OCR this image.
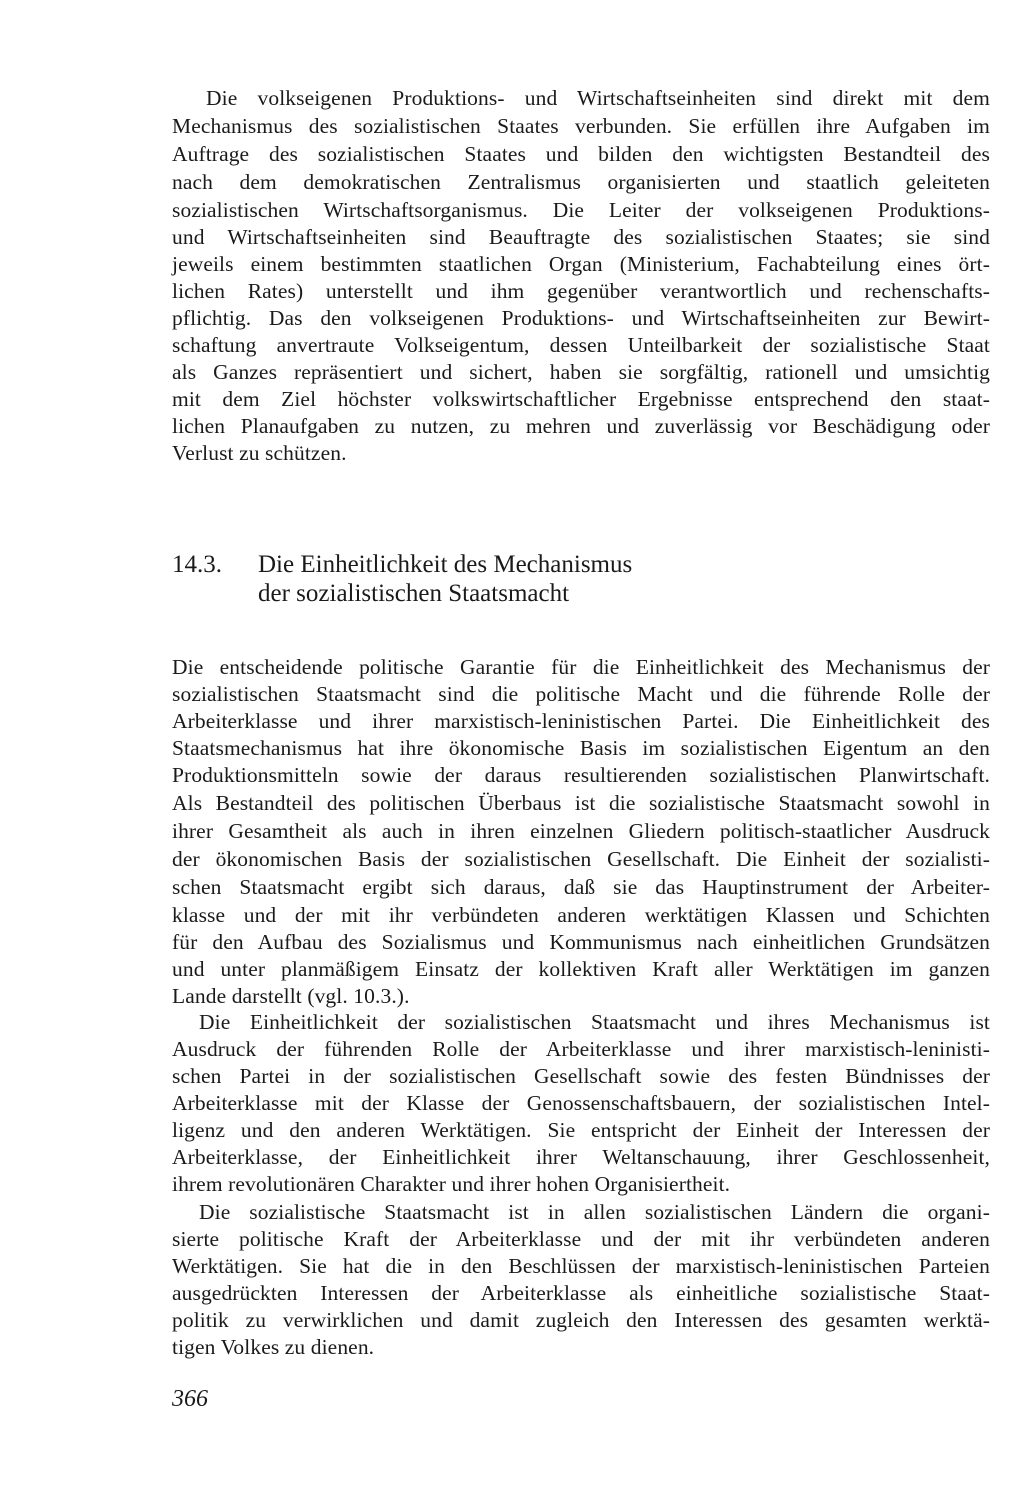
Die volkseigenen Produktions- und Wirtschaftseinheiten sind direkt mit dem
Mechanismus des sozialistischen Staates verbunden. Sie erfüllen ihre Aufgaben im
Auftrage des sozialistischen Staates und bilden den wichtigsten Bestandteil des
nach dem demokratischen Zentralismus organisierten und staatlich geleiteten
sozialistischen Wirtschaftsorganismus. Die Leiter der volkseigenen Produktions-
und Wirtschaftseinheiten sind Beauftragte des sozialistischen Staates; sie sind
jeweils einem bestimmten staatlichen Organ (Ministerium, Fachabteilung eines ört-
lichen Rates) unterstellt und ihm gegenüber verantwortlich und rechenschafts-
pflichtig. Das den volkseigenen Produktions- und Wirtschaftseinheiten zur Bewirt-
schaftung anvertraute Volkseigentum, dessen Unteilbarkeit der sozialistische Staat
als Ganzes repräsentiert und sichert, haben sie sorgfältig, rationell und umsichtig
mit dem Ziel höchster volkswirtschaftlicher Ergebnisse entsprechend den staat-
lichen Planaufgaben zu nutzen, zu mehren und zuverlässig vor Beschädigung oder
Verlust zu schützen.
14.3. Die Einheitlichkeit des Mechanismus
der sozialistischen Staatsmacht
Die entscheidende politische Garantie für die Einheitlichkeit des Mechanismus der
sozialistischen Staatsmacht sind die politische Macht und die führende Rolle der
Arbeiterklasse und ihrer marxistisch-leninistischen Partei. Die Einheitlichkeit des
Staatsmechanismus hat ihre ökonomische Basis im sozialistischen Eigentum an den
Produktionsmitteln sowie der daraus resultierenden sozialistischen Planwirtschaft.
Als Bestandteil des politischen Überbaus ist die sozialistische Staatsmacht sowohl in
ihrer Gesamtheit als auch in ihren einzelnen Gliedern politisch-staatlicher Ausdruck
der ökonomischen Basis der sozialistischen Gesellschaft. Die Einheit der sozialisti-
schen Staatsmacht ergibt sich daraus, daß sie das Hauptinstrument der Arbeiter-
klasse und der mit ihr verbündeten anderen werktätigen Klassen und Schichten
für den Aufbau des Sozialismus und Kommunismus nach einheitlichen Grundsätzen
und unter planmäßigem Einsatz der kollektiven Kraft aller Werktätigen im ganzen
Lande darstellt (vgl. 10.3.).
Die Einheitlichkeit der sozialistischen Staatsmacht und ihres Mechanismus ist
Ausdruck der führenden Rolle der Arbeiterklasse und ihrer marxistisch-leninisti-
schen Partei in der sozialistischen Gesellschaft sowie des festen Bündnisses der
Arbeiterklasse mit der Klasse der Genossenschaftsbauern, der sozialistischen Intel-
ligenz und den anderen Werktätigen. Sie entspricht der Einheit der Interessen der
Arbeiterklasse, der Einheitlichkeit ihrer Weltanschauung, ihrer Geschlossenheit,
ihrem revolutionären Charakter und ihrer hohen Organisiertheit.
Die sozialistische Staatsmacht ist in allen sozialistischen Ländern die organi-
sierte politische Kraft der Arbeiterklasse und der mit ihr verbündeten anderen
Werktätigen. Sie hat die in den Beschlüssen der marxistisch-leninistischen Parteien
ausgedrückten Interessen der Arbeiterklasse als einheitliche sozialistische Staat-
politik zu verwirklichen und damit zugleich den Interessen des gesamten werktä-
tigen Volkes zu dienen.
366
